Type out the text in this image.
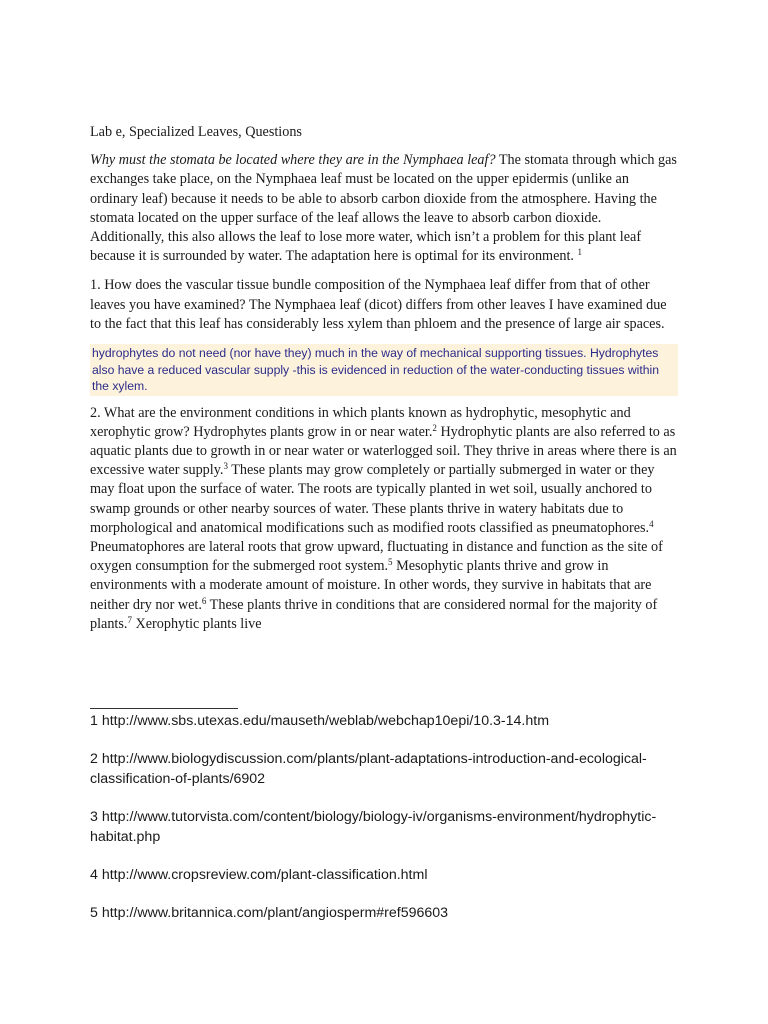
Lab e, Specialized Leaves, Questions

Why must the stomata be located where they are in the Nymphaea leaf? The stomata through which gas exchanges take place, on the Nymphaea leaf must be located on the upper epidermis (unlike an ordinary leaf) because it needs to be able to absorb carbon dioxide from the atmosphere. Having the stomata located on the upper surface of the leaf allows the leave to absorb carbon dioxide. Additionally, this also allows the leaf to lose more water, which isn’t a problem for this plant leaf because it is surrounded by water. The adaptation here is optimal for its environment. $^1$

1. How does the vascular tissue bundle composition of the Nymphaea leaf differ from that of other leaves you have examined? The Nymphaea leaf (dicot) differs from other leaves I have examined due to the fact that this leaf has considerably less xylem than phloem and the presence of large air spaces.

hydrophytes do not need (nor have they) much in the way of mechanical supporting tissues. Hydrophytes also have a reduced vascular supply -this is evidenced in reduction of the water-conducting tissues within the xylem.

2. What are the environment conditions in which plants known as hydrophytic, mesophytic and xerophytic grow? Hydrophytes plants grow in or near water.$^2$ Hydrophytic plants are also referred to as aquatic plants due to growth in or near water or waterlogged soil. They thrive in areas where there is an excessive water supply.$^3$ These plants may grow completely or partially submerged in water or they may float upon the surface of water. The roots are typically planted in wet soil, usually anchored to swamp grounds or other nearby sources of water. These plants thrive in watery habitats due to morphological and anatomical modifications such as modified roots classified as pneumatophores.$^4$ Pneumatophores are lateral roots that grow upward, fluctuating in distance and function as the site of oxygen consumption for the submerged root system.$^5$ Mesophytic plants thrive and grow in environments with a moderate amount of moisture. In other words, they survive in habitats that are neither dry nor wet.$^6$ These plants thrive in conditions that are considered normal for the majority of plants.$^7$ Xerophytic plants live

1 http://www.sbs.utexas.edu/mauseth/weblab/webchap10epi/10.3-14.htm
2 http://www.biologydiscussion.com/plants/plant-adaptations-introduction-and-ecological-classification-of-plants/6902
3 http://www.tutorvista.com/content/biology/biology-iv/organisms-environment/hydrophytic-habitat.php
4 http://www.cropsreview.com/plant-classification.html
5 http://www.britannica.com/plant/angiosperm#ref596603
